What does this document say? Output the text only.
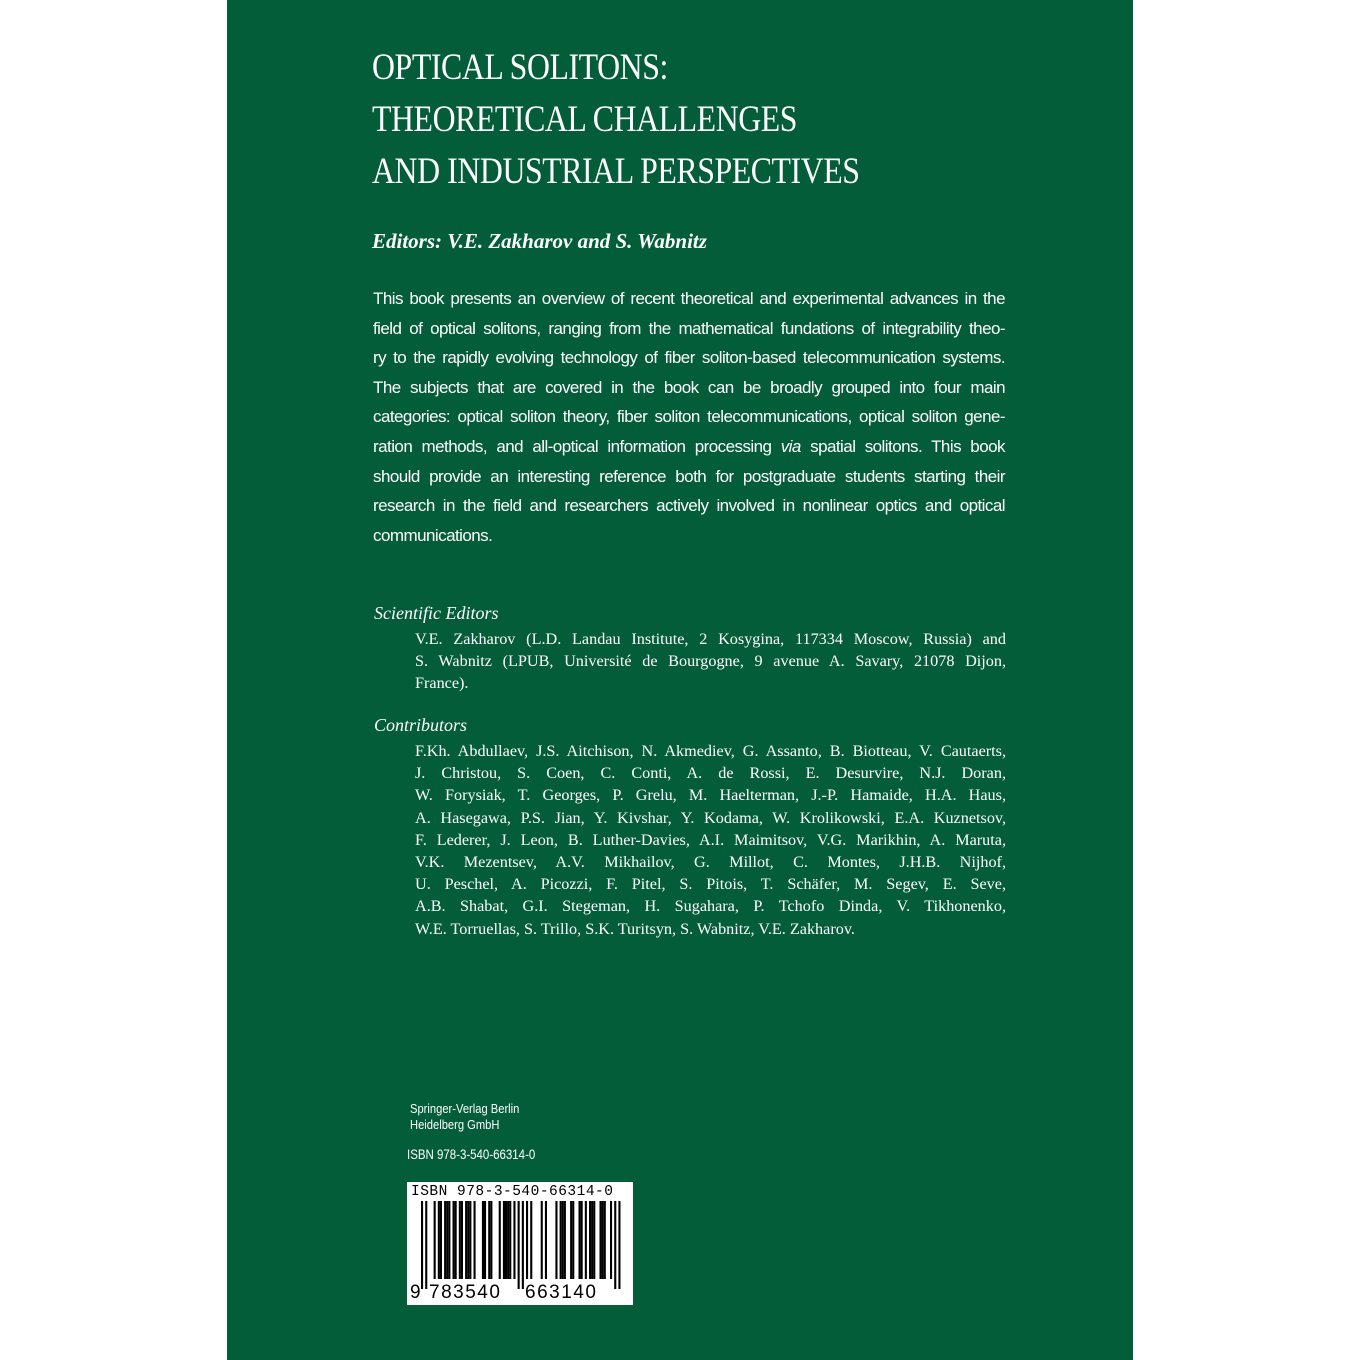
OPTICAL SOLITONS:
THEORETICAL CHALLENGES
AND INDUSTRIAL PERSPECTIVES
Editors: V.E. Zakharov and S. Wabnitz
This book presents an overview of recent theoretical and experimental advances in the
field of optical solitons, ranging from the mathematical fundations of integrability theo-
ry to the rapidly evolving technology of fiber soliton-based telecommunication systems.
The subjects that are covered in the book can be broadly grouped into four main
categories: optical soliton theory, fiber soliton telecommunications, optical soliton gene-
ration methods, and all-optical information processing via spatial solitons. This book
should provide an interesting reference both for postgraduate students starting their
research in the field and researchers actively involved in nonlinear optics and optical
communications.
Scientific Editors
V.E. Zakharov (L.D. Landau Institute, 2 Kosygina, 117334 Moscow, Russia) and
S. Wabnitz (LPUB, Université de Bourgogne, 9 avenue A. Savary, 21078 Dijon,
France).
Contributors
F.Kh. Abdullaev, J.S. Aitchison, N. Akmediev, G. Assanto, B. Biotteau, V. Cautaerts,
J. Christou, S. Coen, C. Conti, A. de Rossi, E. Desurvire, N.J. Doran,
W. Forysiak, T. Georges, P. Grelu, M. Haelterman, J.-P. Hamaide, H.A. Haus,
A. Hasegawa, P.S. Jian, Y. Kivshar, Y. Kodama, W. Krolikowski, E.A. Kuznetsov,
F. Lederer, J. Leon, B. Luther-Davies, A.I. Maimitsov, V.G. Marikhin, A. Maruta,
V.K. Mezentsev, A.V. Mikhailov, G. Millot, C. Montes, J.H.B. Nijhof,
U. Peschel, A. Picozzi, F. Pitel, S. Pitois, T. Schäfer, M. Segev, E. Seve,
A.B. Shabat, G.I. Stegeman, H. Sugahara, P. Tchofo Dinda, V. Tikhonenko,
W.E. Torruellas, S. Trillo, S.K. Turitsyn, S. Wabnitz, V.E. Zakharov.
Springer-Verlag Berlin
Heidelberg GmbH
ISBN 978-3-540-66314-0
ISBN 978-3-540-66314-0
9 783540 663140
